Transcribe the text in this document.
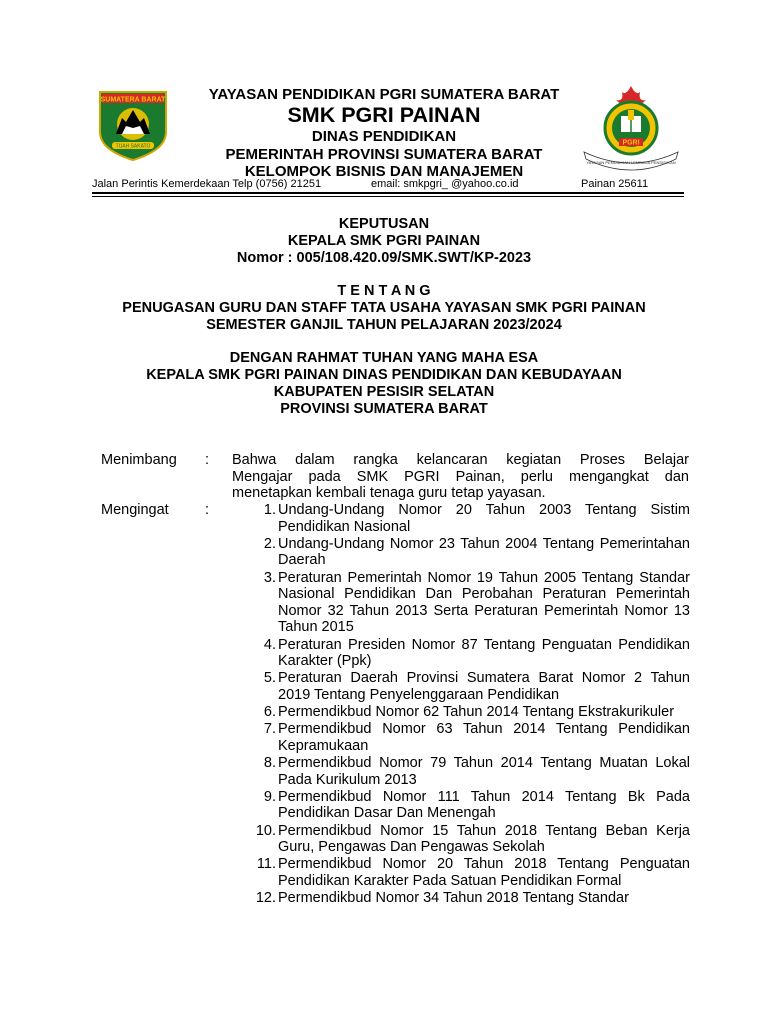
SUMATERA BARAT
TUAH SAKATO	PGRI
YAYASAN PENDIDIKAN LEMBAGA PENDIDIKAN
YAYASAN PENDIDIKAN PGRI SUMATERA BARAT
SMK PGRI PAINAN
DINAS PENDIDIKAN
PEMERINTAH PROVINSI SUMATERA BARAT
KELOMPOK BISNIS DAN MANAJEMEN
Jalan Perintis Kemerdekaan Telp (0756) 21251	email: smkpgri_ @yahoo.co.id	Painan 25611
KEPUTUSAN
KEPALA SMK PGRI PAINAN
Nomor : 005/108.420.09/SMK.SWT/KP-2023
T E N T A N G
PENUGASAN GURU DAN STAFF TATA USAHA YAYASAN SMK PGRI PAINAN
SEMESTER GANJIL TAHUN PELAJARAN 2023/2024
DENGAN RAHMAT TUHAN YANG MAHA ESA
KEPALA SMK PGRI PAINAN DINAS PENDIDIKAN DAN KEBUDAYAAN
KABUPATEN PESISIR SELATAN
PROVINSI SUMATERA BARAT
Menimbang : Bahwa dalam rangka kelancaran kegiatan Proses Belajar
Mengajar pada SMK PGRI Painan, perlu mengangkat dan
menetapkan kembali tenaga guru tetap yayasan.
Mengingat	:	1. Undang-Undang Nomor 20 Tahun 2003 Tentang Sistim Pendidikan Nasional
2. Undang-Undang Nomor 23 Tahun 2004 Tentang Pemerintahan Daerah
3. Peraturan Pemerintah Nomor 19 Tahun 2005 Tentang Standar Nasional Pendidikan Dan Perobahan Peraturan Pemerintah Nomor 32 Tahun 2013 Serta Peraturan Pemerintah Nomor 13 Tahun 2015
4. Peraturan Presiden Nomor 87 Tentang Penguatan Pendidikan Karakter (Ppk)
5. Peraturan Daerah Provinsi Sumatera Barat Nomor 2 Tahun 2019 Tentang Penyelenggaraan Pendidikan
6. Permendikbud Nomor 62 Tahun 2014 Tentang Ekstrakurikuler
7. Permendikbud Nomor 63 Tahun 2014 Tentang Pendidikan Kepramukaan
8. Permendikbud Nomor 79 Tahun 2014 Tentang Muatan Lokal Pada Kurikulum 2013
9. Permendikbud Nomor 111 Tahun 2014 Tentang Bk Pada Pendidikan Dasar Dan Menengah
10. Permendikbud Nomor 15 Tahun 2018 Tentang Beban Kerja Guru, Pengawas Dan Pengawas Sekolah
11. Permendikbud Nomor 20 Tahun 2018 Tentang Penguatan Pendidikan Karakter Pada Satuan Pendidikan Formal
12. Permendikbud Nomor 34 Tahun 2018 Tentang Standar
